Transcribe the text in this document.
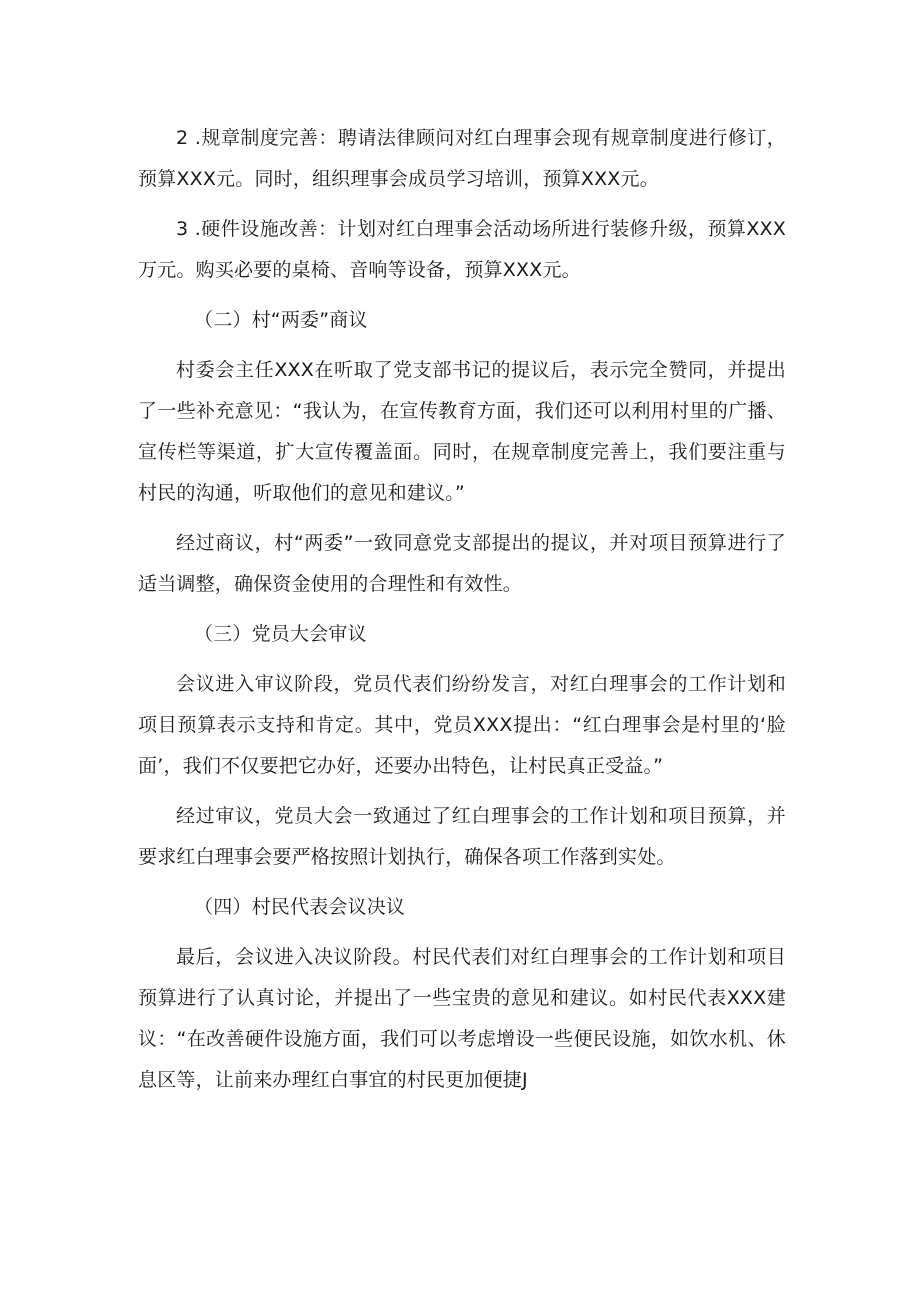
2 .规章制度完善：聘请法律顾问对红白理事会现有规章制度进行修订，预算XXX元。同时，组织理事会成员学习培训，预算XXX元。

3 .硬件设施改善：计划对红白理事会活动场所进行装修升级，预算XXX万元。购买必要的桌椅、音响等设备，预算XXX元。

（二）村“两委”商议

村委会主任XXX在听取了党支部书记的提议后，表示完全赞同，并提出了一些补充意见：“我认为，在宣传教育方面，我们还可以利用村里的广播、宣传栏等渠道，扩大宣传覆盖面。同时，在规章制度完善上，我们要注重与村民的沟通，听取他们的意见和建议。”

经过商议，村“两委”一致同意党支部提出的提议，并对项目预算进行了适当调整，确保资金使用的合理性和有效性。

（三）党员大会审议

会议进入审议阶段，党员代表们纷纷发言，对红白理事会的工作计划和项目预算表示支持和肯定。其中，党员XXX提出：“红白理事会是村里的‘脸面’，我们不仅要把它办好，还要办出特色，让村民真正受益。”

经过审议，党员大会一致通过了红白理事会的工作计划和项目预算，并要求红白理事会要严格按照计划执行，确保各项工作落到实处。

（四）村民代表会议决议

最后，会议进入决议阶段。村民代表们对红白理事会的工作计划和项目预算进行了认真讨论，并提出了一些宝贵的意见和建议。如村民代表XXX建议：“在改善硬件设施方面，我们可以考虑增设一些便民设施，如饮水机、休息区等，让前来办理红白事宜的村民更加便捷J
